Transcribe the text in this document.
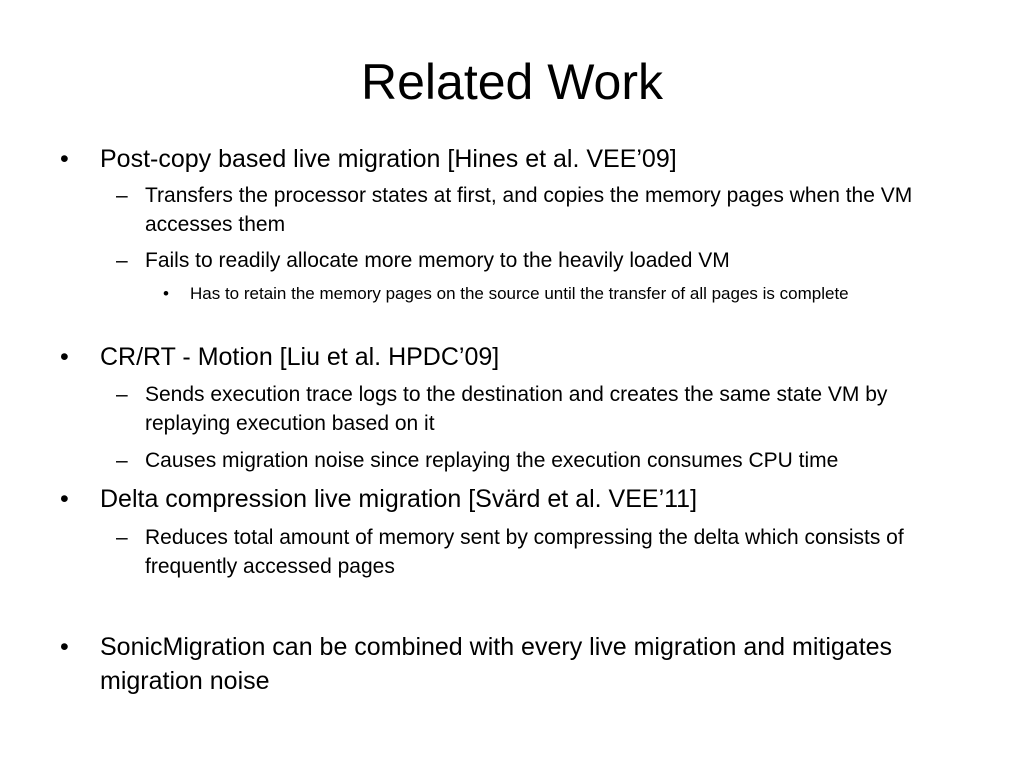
Related Work
• Post-copy based live migration [Hines et al. VEE’09]
– Transfers the processor states at first, and copies the memory pages when the VM accesses them
– Fails to readily allocate more memory to the heavily loaded VM
•	Has to retain the memory pages on the source until the transfer of all pages is complete
• CR/RT - Motion [Liu et al. HPDC’09]
– Sends execution trace logs to the destination and creates the same state VM by replaying execution based on it
– Causes migration noise since replaying the execution consumes CPU time
• Delta compression live migration [Svärd et al. VEE’11]
– Reduces total amount of memory sent by compressing the delta which consists of frequently accessed pages
• SonicMigration can be combined with every live migration and mitigates migration noise
